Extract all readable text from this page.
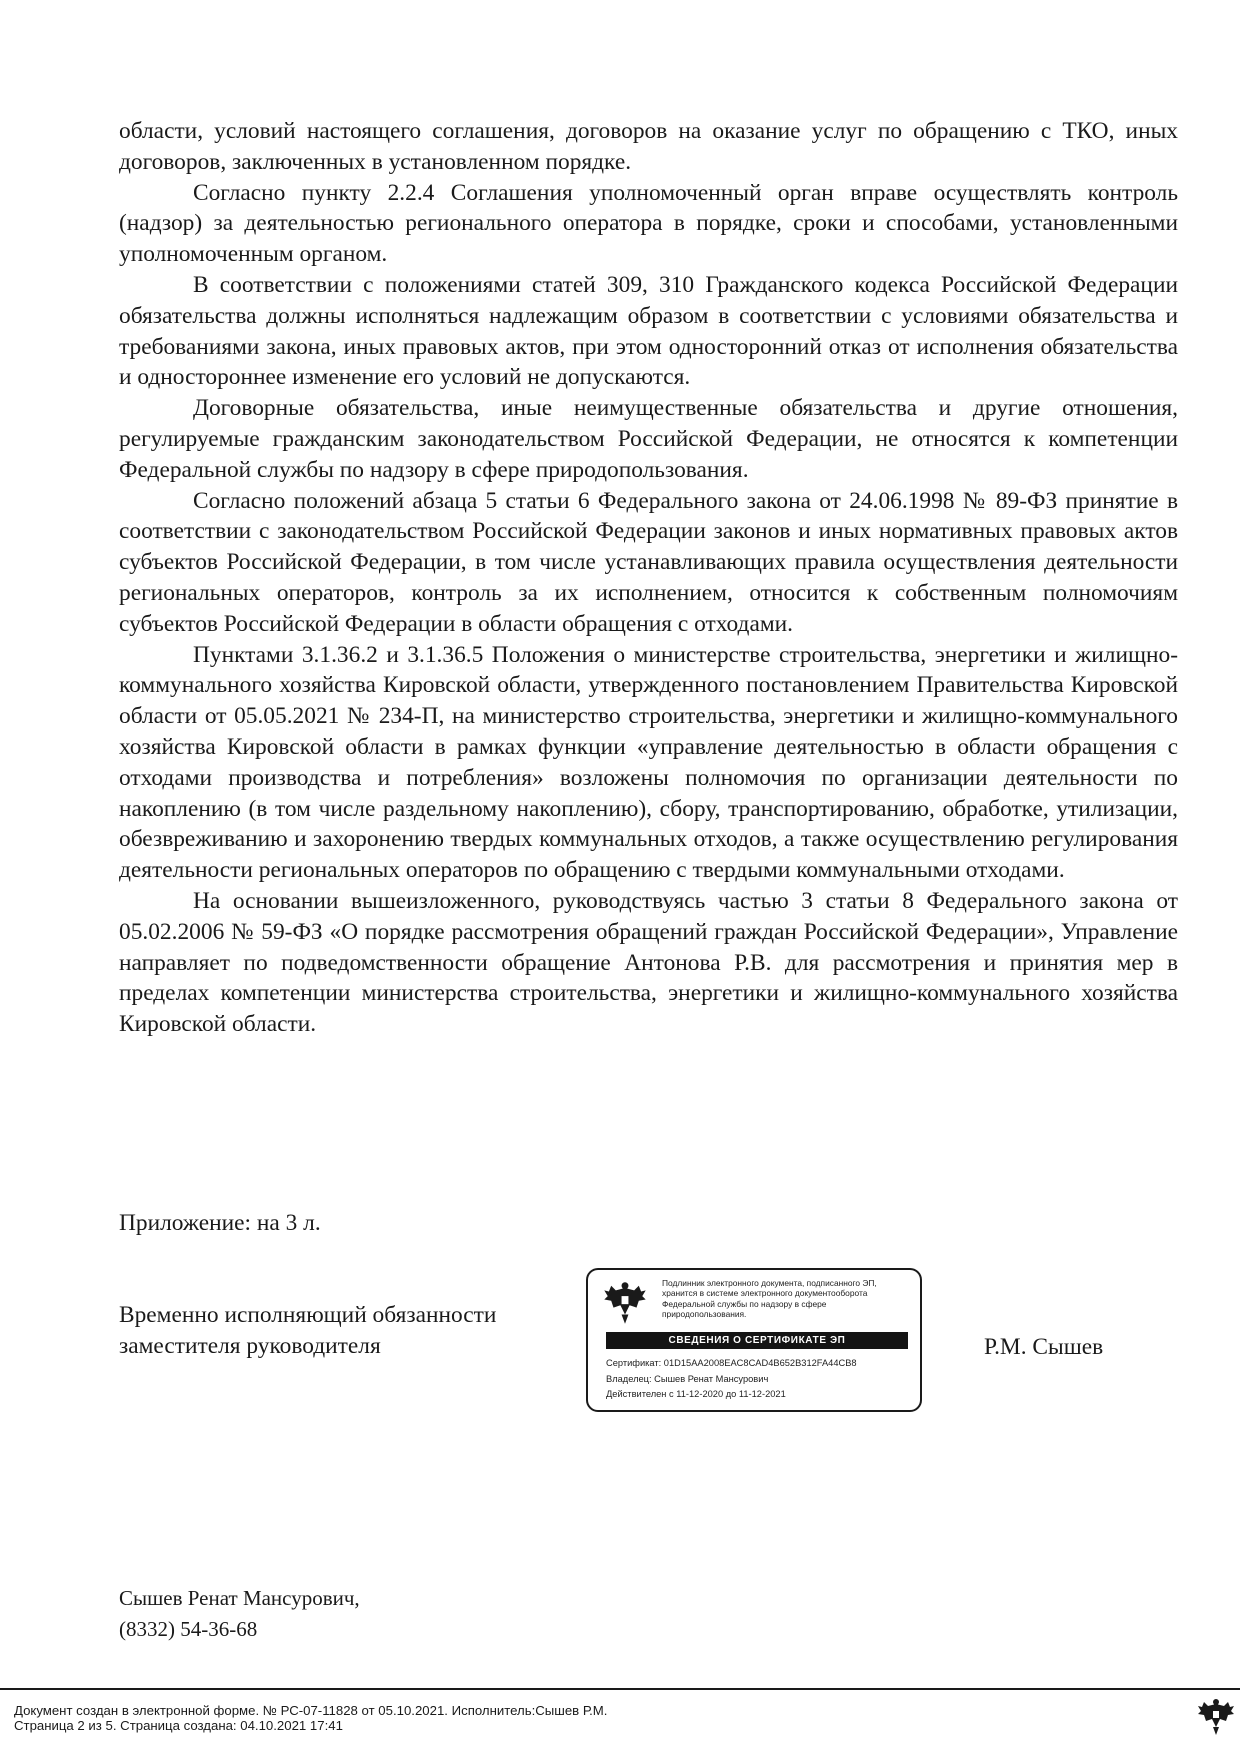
области, условий настоящего соглашения, договоров на оказание услуг по обращению с ТКО, иных договоров, заключенных в установленном порядке.

Согласно пункту 2.2.4 Соглашения уполномоченный орган вправе осуществлять контроль (надзор) за деятельностью регионального оператора в порядке, сроки и способами, установленными уполномоченным органом.

В соответствии с положениями статей 309, 310 Гражданского кодекса Российской Федерации обязательства должны исполняться надлежащим образом в соответствии с условиями обязательства и требованиями закона, иных правовых актов, при этом односторонний отказ от исполнения обязательства и одностороннее изменение его условий не допускаются.

Договорные обязательства, иные неимущественные обязательства и другие отношения, регулируемые гражданским законодательством Российской Федерации, не относятся к компетенции Федеральной службы по надзору в сфере природопользования.

Согласно положений абзаца 5 статьи 6 Федерального закона от 24.06.1998 № 89-ФЗ принятие в соответствии с законодательством Российской Федерации законов и иных нормативных правовых актов субъектов Российской Федерации, в том числе устанавливающих правила осуществления деятельности региональных операторов, контроль за их исполнением, относится к собственным полномочиям субъектов Российской Федерации в области обращения с отходами.

Пунктами 3.1.36.2 и 3.1.36.5 Положения о министерстве строительства, энергетики и жилищно-коммунального хозяйства Кировской области, утвержденного постановлением Правительства Кировской области от 05.05.2021 № 234-П, на министерство строительства, энергетики и жилищно-коммунального хозяйства Кировской области в рамках функции «управление деятельностью в области обращения с отходами производства и потребления» возложены полномочия по организации деятельности по накоплению (в том числе раздельному накоплению), сбору, транспортированию, обработке, утилизации, обезвреживанию и захоронению твердых коммунальных отходов, а также осуществлению регулирования деятельности региональных операторов по обращению с твердыми коммунальными отходами.

На основании вышеизложенного, руководствуясь частью 3 статьи 8 Федерального закона от 05.02.2006 № 59-ФЗ «О порядке рассмотрения обращений граждан Российской Федерации», Управление направляет по подведомственности обращение Антонова Р.В. для рассмотрения и принятия мер в пределах компетенции министерства строительства, энергетики и жилищно-коммунального хозяйства Кировской области.

Приложение: на 3 л.
Временно исполняющий обязанности
заместителя руководителя
Подлинник электронного документа, подписанного ЭП, хранится в системе электронного документооборота Федеральной службы по надзору в сфере природопользования.
СВЕДЕНИЯ О СЕРТИФИКАТЕ ЭП
Сертификат: 01D15AA2008EAC8CAD4B652B312FA44CB8
Владелец: Сышев Ренат Мансурович
Действителен с 11-12-2020 до 11-12-2021
Р.М. Сышев
Сышев Ренат Мансурович,
(8332) 54-36-68
Документ создан в электронной форме. № РС-07-11828 от 05.10.2021. Исполнитель:Сышев Р.М.
Страница 2 из 5. Страница создана: 04.10.2021 17:41
